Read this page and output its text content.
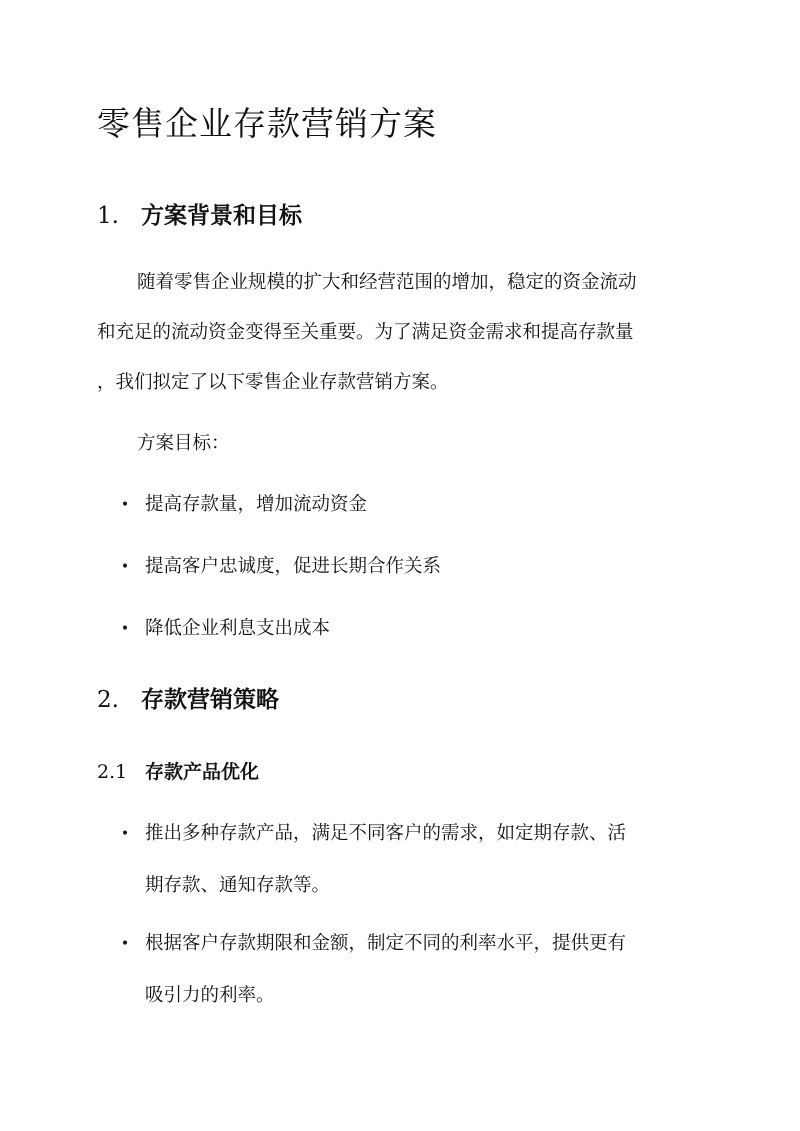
零售企业存款营销方案
1. 方案背景和目标
随着零售企业规模的扩大和经营范围的增加，稳定的资金流动
和充足的流动资金变得至关重要。为了满足资金需求和提高存款量
，我们拟定了以下零售企业存款营销方案。

方案目标：

• 提高存款量，增加流动资金
• 提高客户忠诚度，促进长期合作关系
• 降低企业利息支出成本
2. 存款营销策略
2.1 存款产品优化
• 推出多种存款产品，满足不同客户的需求，如定期存款、活
期存款、通知存款等。
• 根据客户存款期限和金额，制定不同的利率水平，提供更有
吸引力的利率。
